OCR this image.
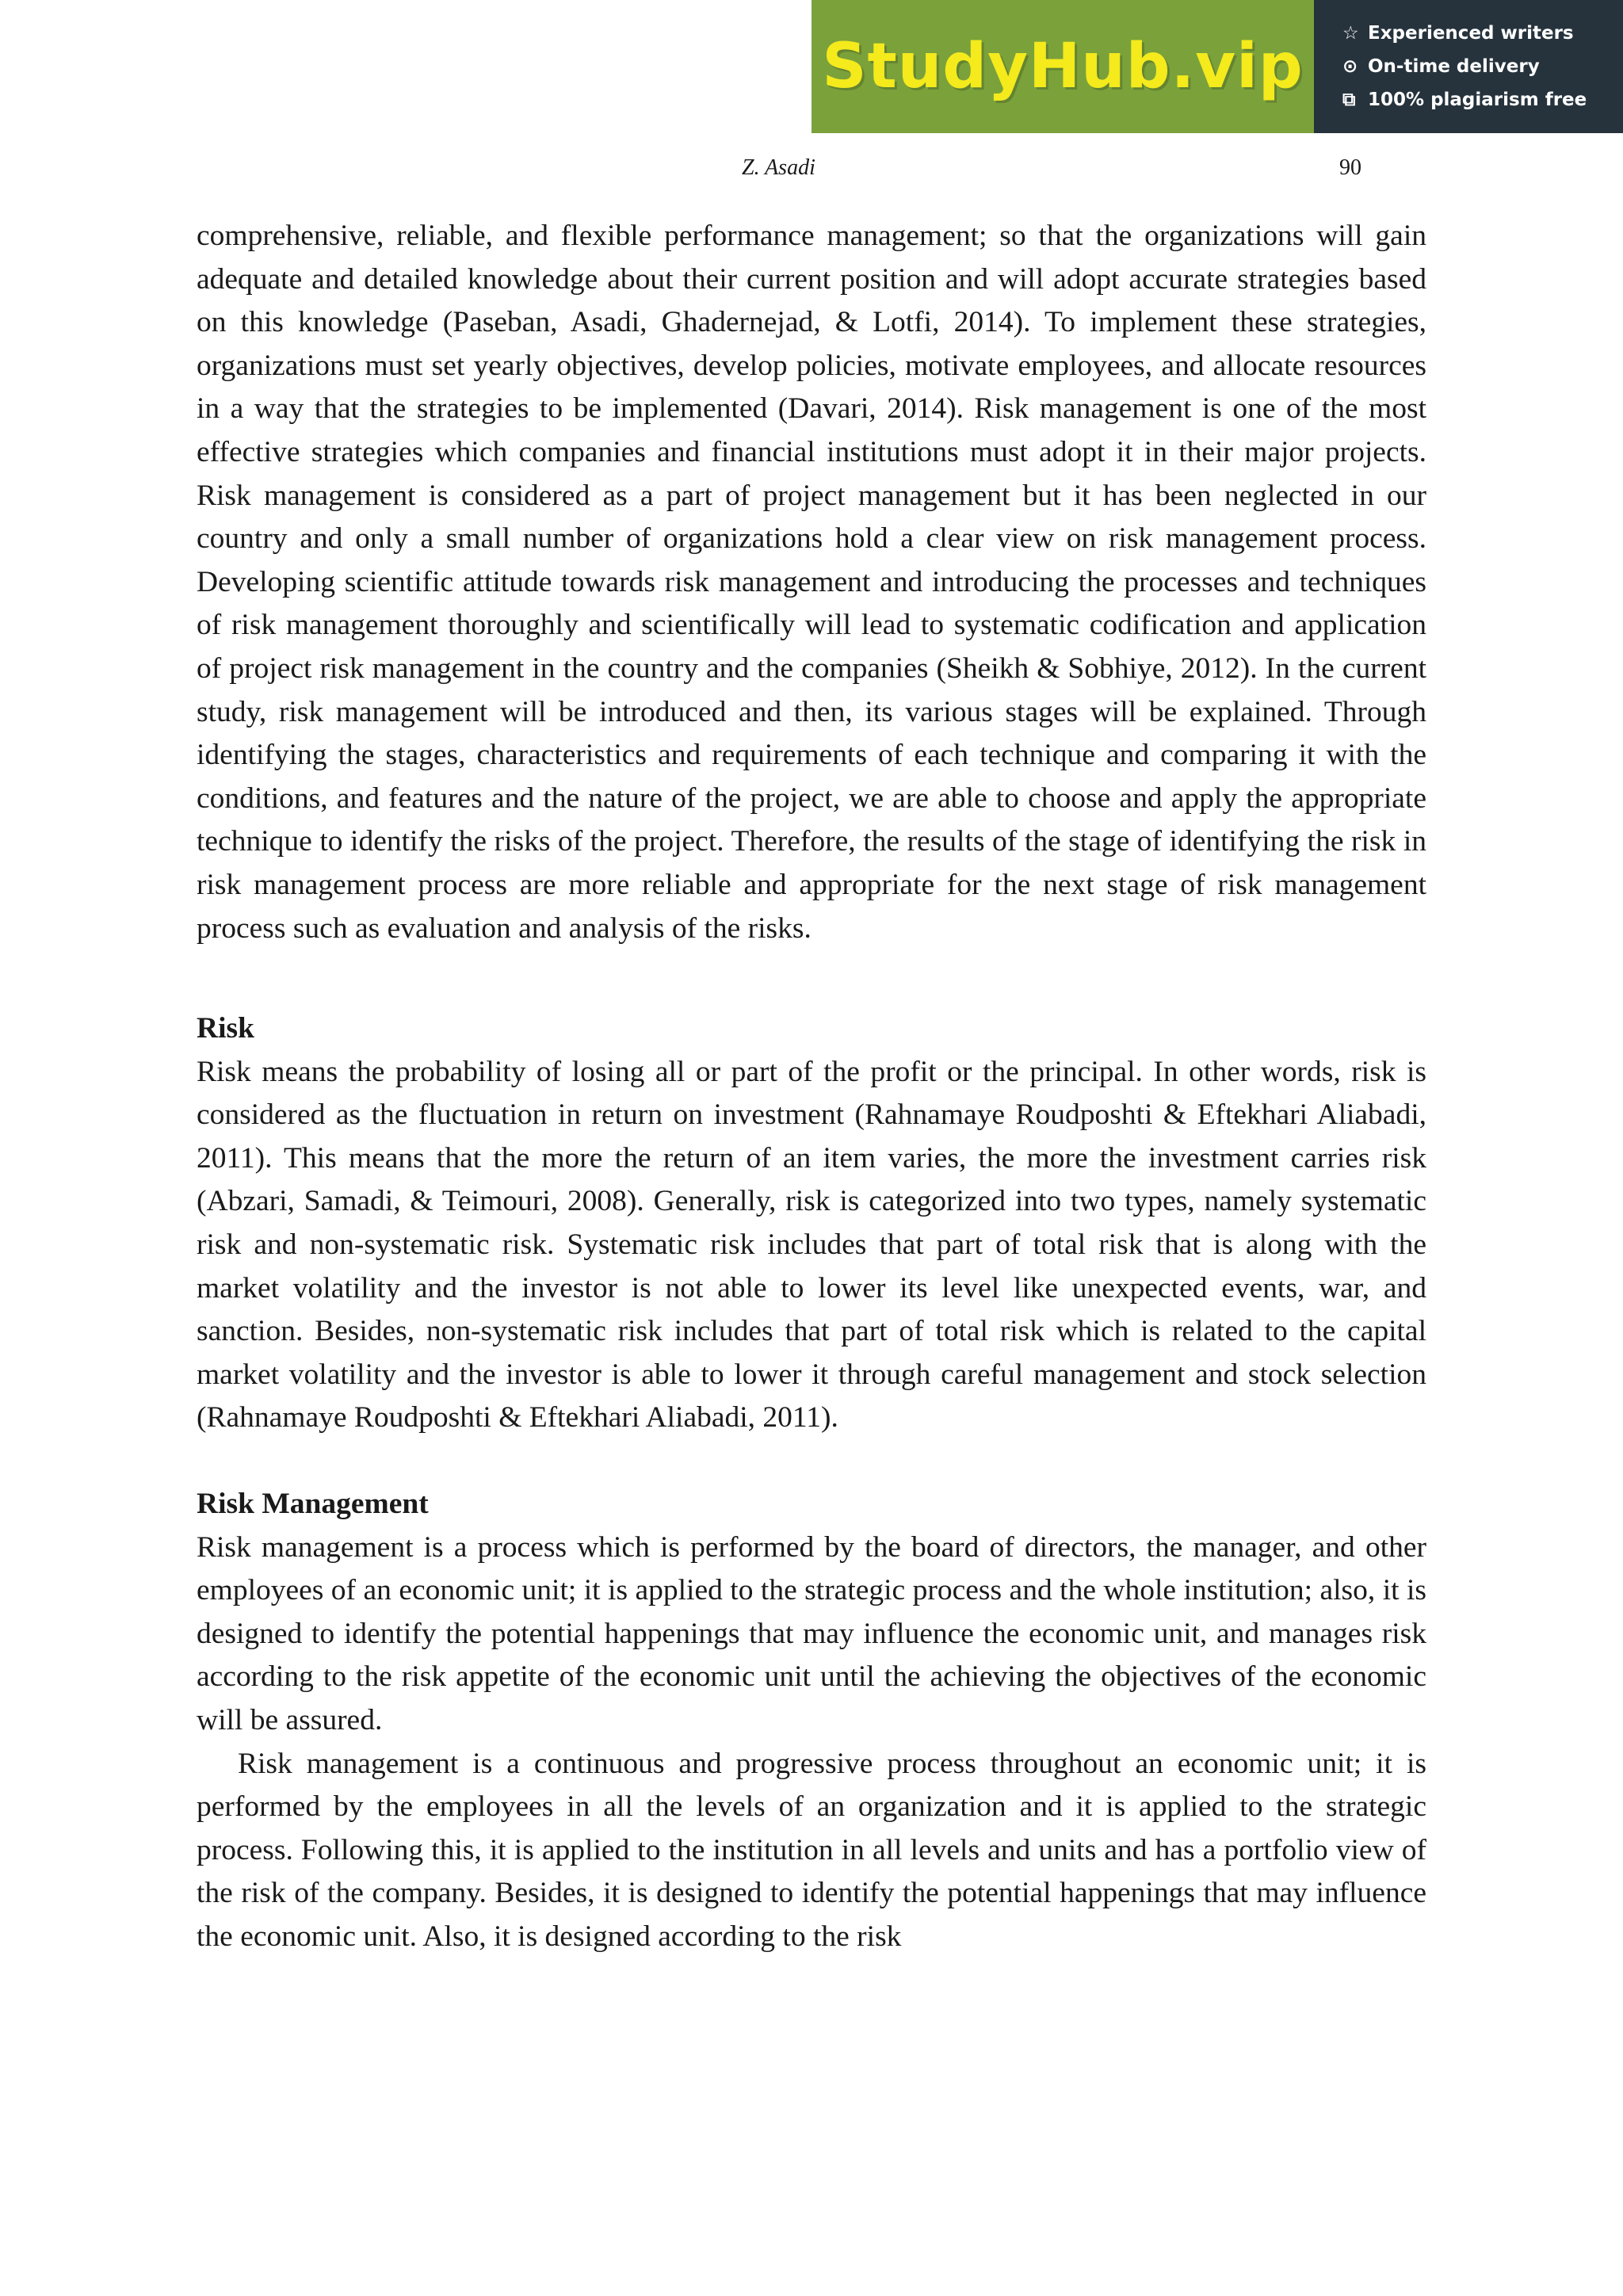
StudyHub.vip ☆ Experienced writers
⊙ On-time delivery
⧉ 100% plagiarism free
Z. Asadi	90

comprehensive, reliable, and flexible performance management; so that the organizations will gain adequate and detailed knowledge about their current position and will adopt accurate strategies based on this knowledge (Paseban, Asadi, Ghadernejad, & Lotfi, 2014). To implement these strategies, organizations must set yearly objectives, develop policies, motivate employees, and allocate resources in a way that the strategies to be implemented (Davari, 2014). Risk management is one of the most effective strategies which companies and financial institutions must adopt it in their major projects. Risk management is considered as a part of project management but it has been neglected in our country and only a small number of organizations hold a clear view on risk management process. Developing scientific attitude towards risk management and introducing the processes and techniques of risk management thoroughly and scientifically will lead to systematic codification and application of project risk management in the country and the companies (Sheikh & Sobhiye, 2012). In the current study, risk management will be introduced and then, its various stages will be explained. Through identifying the stages, characteristics and requirements of each technique and comparing it with the conditions, and features and the nature of the project, we are able to choose and apply the appropriate technique to identify the risks of the project. Therefore, the results of the stage of identifying the risk in risk management process are more reliable and appropriate for the next stage of risk management process such as evaluation and analysis of the risks.

Risk

Risk means the probability of losing all or part of the profit or the principal. In other words, risk is considered as the fluctuation in return on investment (Rahnamaye Roudposhti & Eftekhari Aliabadi, 2011). This means that the more the return of an item varies, the more the investment carries risk (Abzari, Samadi, & Teimouri, 2008). Generally, risk is categorized into two types, namely systematic risk and non-systematic risk. Systematic risk includes that part of total risk that is along with the market volatility and the investor is not able to lower its level like unexpected events, war, and sanction. Besides, non-systematic risk includes that part of total risk which is related to the capital market volatility and the investor is able to lower it through careful management and stock selection (Rahnamaye Roudposhti & Eftekhari Aliabadi, 2011).

Risk Management

Risk management is a process which is performed by the board of directors, the manager, and other employees of an economic unit; it is applied to the strategic process and the whole institution; also, it is designed to identify the potential happenings that may influence the economic unit, and manages risk according to the risk appetite of the economic unit until the achieving the objectives of the economic will be assured.

Risk management is a continuous and progressive process throughout an economic unit; it is performed by the employees in all the levels of an organization and it is applied to the strategic process. Following this, it is applied to the institution in all levels and units and has a portfolio view of the risk of the company. Besides, it is designed to identify the potential happenings that may influence the economic unit. Also, it is designed according to the risk
